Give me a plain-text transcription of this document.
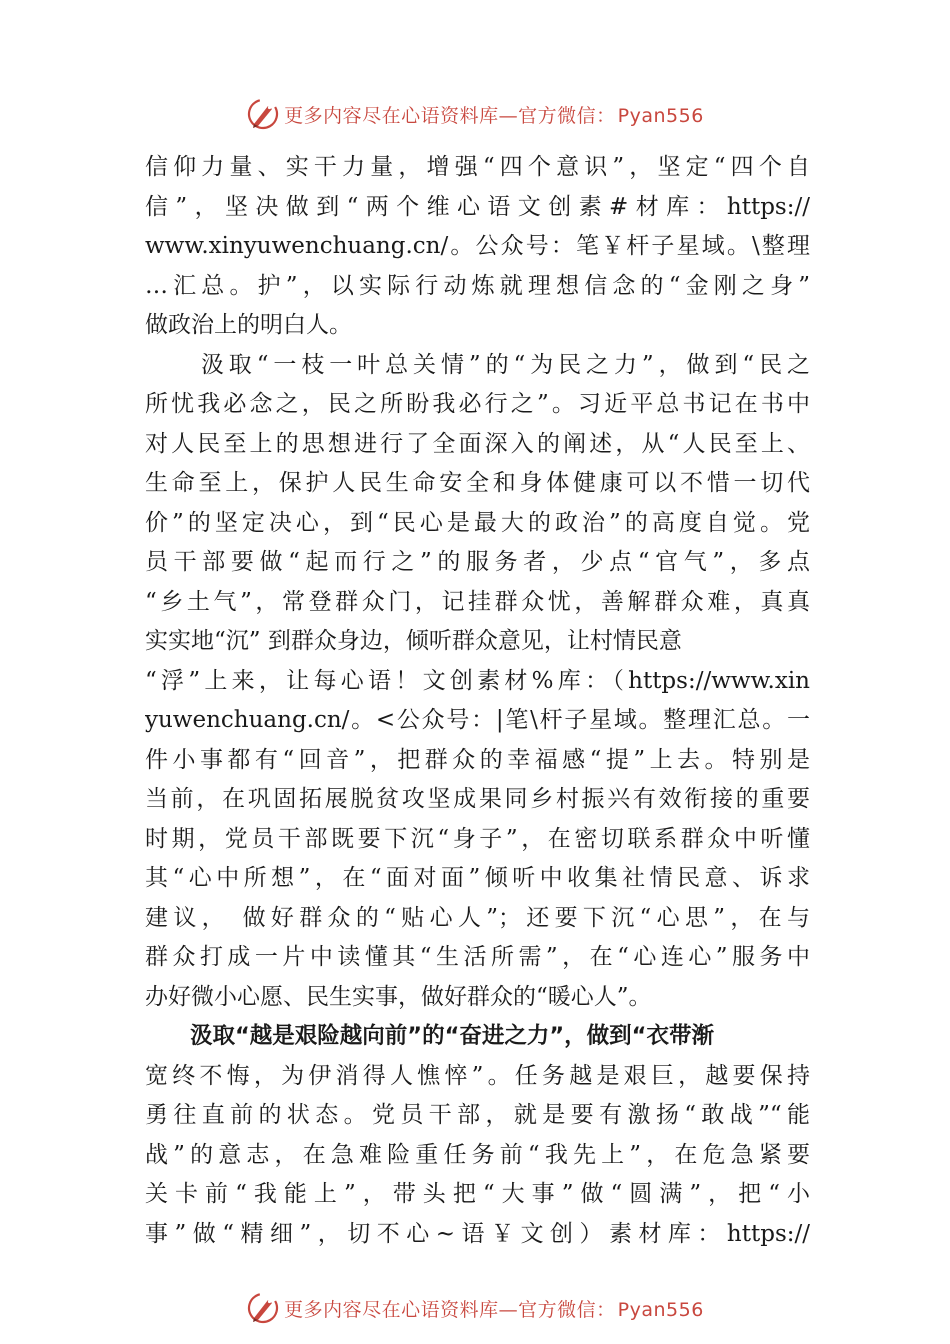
更多内容尽在心语资料库—官方微信： Pyan556
信仰力量、实干力量，增强“四个意识”，坚定“四个自
信”，坚决做到“两个维心语文创素#材库：https://
www.xinyuwenchuang.cn/。公众号：笔￥杆子星域。\整理
…汇总。护”，以实际行动炼就理想信念的“金刚之身”
做政治上的明白人。
　　汲取“一枝一叶总关情”的“为民之力”，做到“民之
所忧我必念之，民之所盼我必行之”。习近平总书记在书中
对人民至上的思想进行了全面深入的阐述，从“人民至上、
生命至上，保护人民生命安全和身体健康可以不惜一切代
价”的坚定决心，到“民心是最大的政治”的高度自觉。党
员干部要做“起而行之”的服务者，少点“官气”，多点
“乡土气”，常登群众门，记挂群众忧，善解群众难，真真
实实地“沉” 到群众身边，倾听群众意见，让村情民意
“浮”上来，让每心语！文创素材%库：（https://www.xin
yuwenchuang.cn/。<公众号：|笔\杆子星域。整理汇总。一
件小事都有“回音”，把群众的幸福感“提”上去。特别是
当前，在巩固拓展脱贫攻坚成果同乡村振兴有效衔接的重要
时期，党员干部既要下沉“身子”，在密切联系群众中听懂
其“心中所想”，在“面对面”倾听中收集社情民意、诉求
建议， 做好群众的“贴心人”；还要下沉“心思”，在与
群众打成一片中读懂其“生活所需”，在“心连心”服务中
办好微小心愿、民生实事，做好群众的“暖心人”。
　　汲取“越是艰险越向前”的“奋进之力”，做到“衣带渐
宽终不悔，为伊消得人憔悴”。任务越是艰巨，越要保持
勇往直前的状态。党员干部，就是要有激扬“敢战”“能
战”的意志，在急难险重任务前“我先上”，在危急紧要
关卡前“我能上”，带头把“大事”做“圆满”，把“小
事”做“精细”，切不心~语￥文创）素材库：https://
更多内容尽在心语资料库—官方微信： Pyan556
